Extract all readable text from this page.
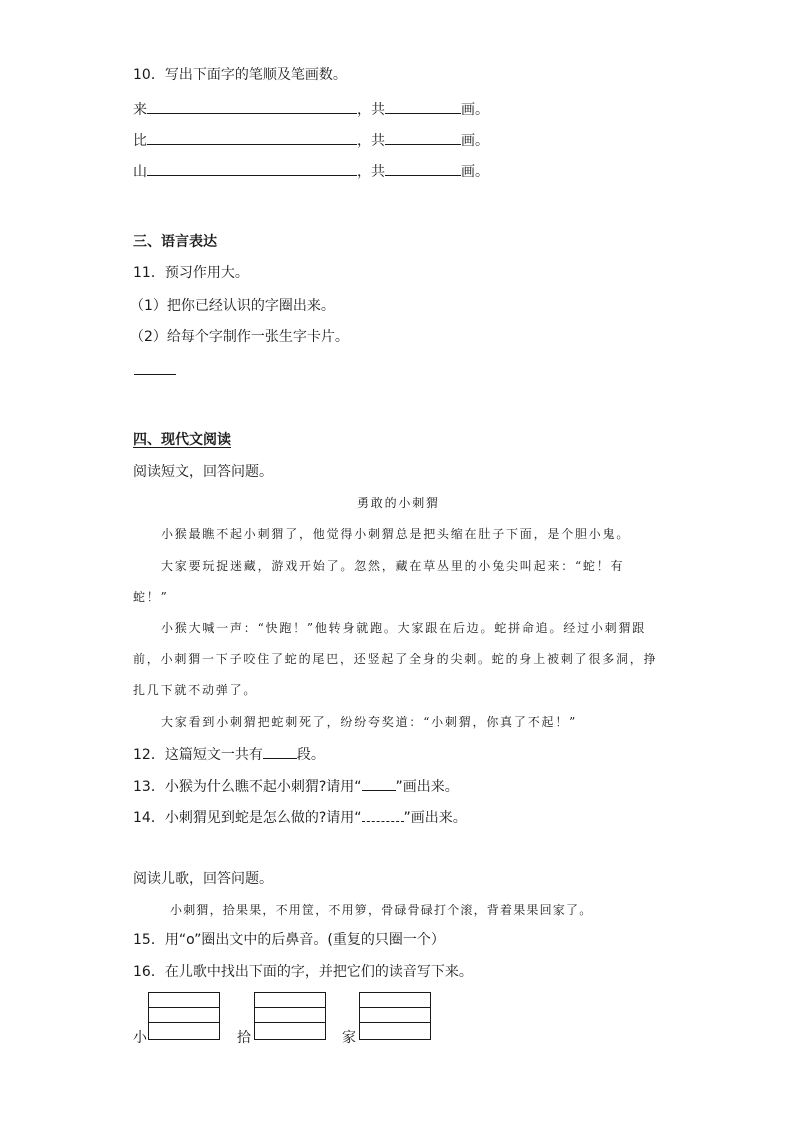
10．写出下面字的笔顺及笔画数。
来	，共	画。
比	，共	画。
山	，共	画。
三、语言表达
11．预习作用大。
（1）把你已经认识的字圈出来。
（2）给每个字制作一张生字卡片。
四、现代文阅读
阅读短文，回答问题。
勇敢的小刺猬
小猴最瞧不起小刺猬了，他觉得小刺猬总是把头缩在肚子下面，是个胆小鬼。
大家要玩捉迷藏，游戏开始了。忽然，藏在草丛里的小兔尖叫起来：“蛇！有
蛇！”
小猴大喊一声：“快跑！”他转身就跑。大家跟在后边。蛇拼命追。经过小刺猬跟
前，小刺猬一下子咬住了蛇的尾巴，还竖起了全身的尖刺。蛇的身上被刺了很多洞，挣
扎几下就不动弹了。
大家看到小刺猬把蛇刺死了，纷纷夸奖道：“小刺猬，你真了不起！”
12．这篇短文一共有 段。
13．小猴为什么瞧不起小刺猬?请用“ ”画出来。
14．小刺猬见到蛇是怎么做的?请用“	”画出来。
阅读儿歌，回答问题。
小刺猬，拾果果，不用筐，不用箩，骨碌骨碌打个滚，背着果果回家了。
15．用“o”圈出文中的后鼻音。(重复的只圈一个）
16．在儿歌中找出下面的字，并把它们的读音写下来。
小	拾	家
